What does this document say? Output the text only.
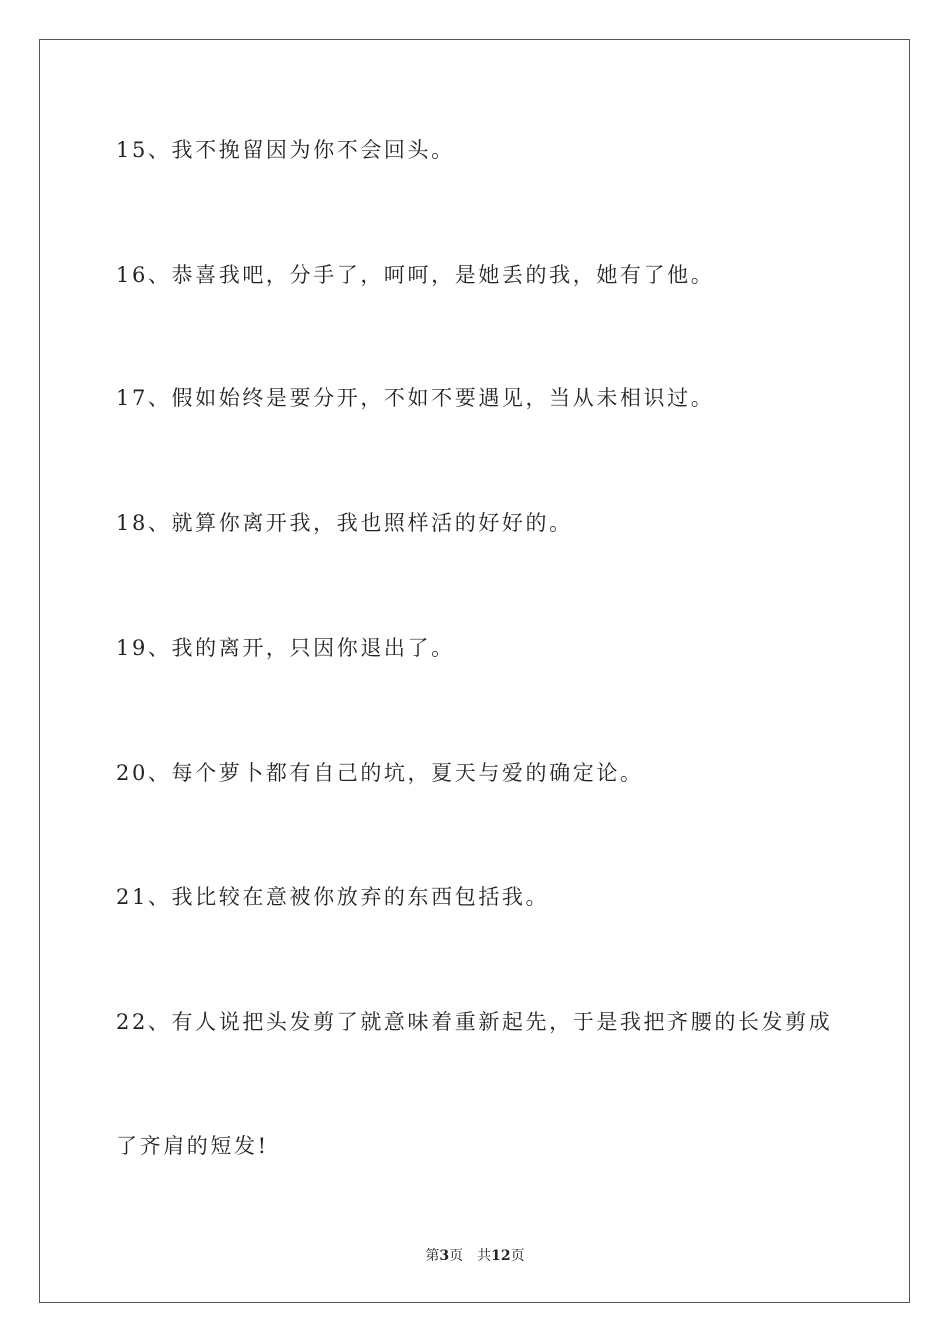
15、我不挽留因为你不会回头。
16、恭喜我吧，分手了，呵呵，是她丢的我，她有了他。
17、假如始终是要分开，不如不要遇见，当从未相识过。
18、就算你离开我，我也照样活的好好的。
19、我的离开，只因你退出了。
20、每个萝卜都有自己的坑，夏天与爱的确定论。
21、我比较在意被你放弃的东西包括我。
22、有人说把头发剪了就意味着重新起先，于是我把齐腰的长发剪成
了齐肩的短发!
第3页 共12页
